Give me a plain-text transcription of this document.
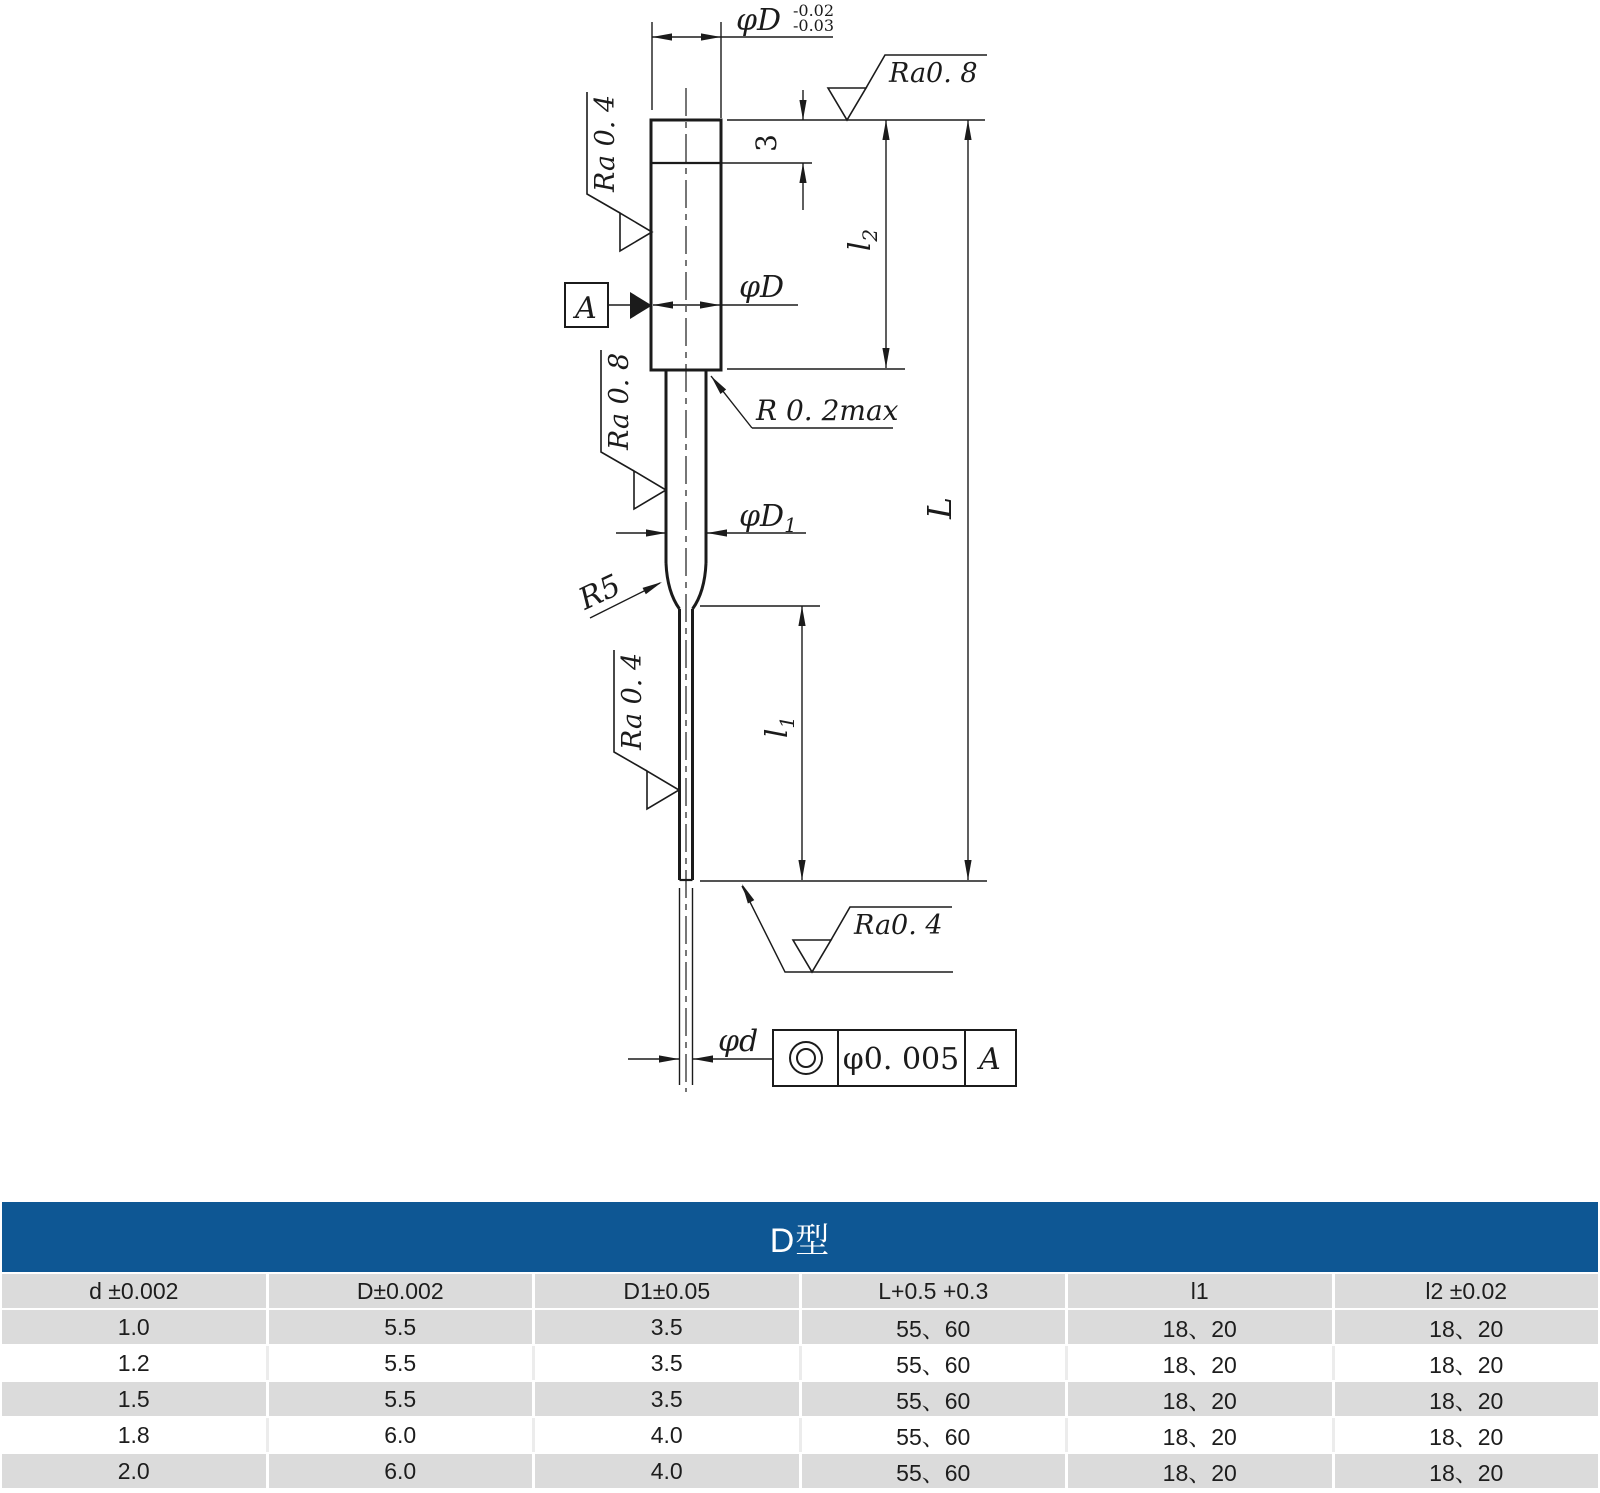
φD -0.02
-0.03
Ra0. 8
3
$l_2$
L
Ra 0. 4
A
φD
R 0. 2max
Ra 0. 8
$\varphi D_1$
R5
Ra 0. 4	$l_1$
Ra0. 4
φd
φ0. 005 A
D型
d ±0.002	D±0.002	D1±0.05	L+0.5 +0.3	l1	l2 ±0.02
1.0	5.5	3.5	55、60	18、20	18、20
1.2	5.5	3.5	55、60	18、20	18、20
1.5	5.5	3.5	55、60	18、20	18、20
1.8	6.0	4.0	55、60	18、20	18、20
2.0	6.0	4.0	55、60	18、20	18、20
